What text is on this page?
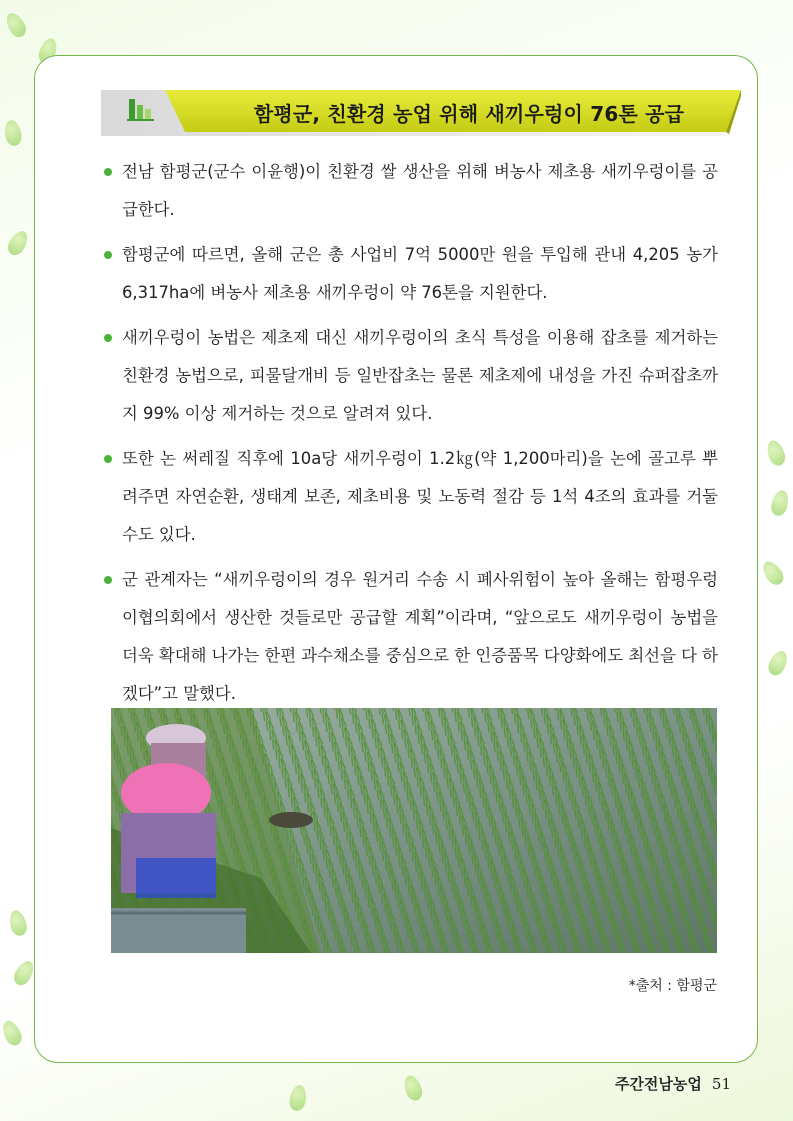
함평군, 친환경 농업 위해 새끼우렁이 76톤 공급
전남 함평군(군수 이윤행)이 친환경 쌀 생산을 위해 벼농사 제초용 새끼우렁이를 공급한다.
함평군에 따르면, 올해 군은 총 사업비 7억 5000만 원을 투입해 관내 4,205 농가 6,317ha에 벼농사 제초용 새끼우렁이 약 76톤을 지원한다.
새끼우렁이 농법은 제초제 대신 새끼우렁이의 초식 특성을 이용해 잡초를 제거하는 친환경 농법으로, 피물달개비 등 일반잡초는 물론 제초제에 내성을 가진 슈퍼잡초까지 99% 이상 제거하는 것으로 알려져 있다.
또한 논 써레질 직후에 10a당 새끼우렁이 1.2㎏(약 1,200마리)을 논에 골고루 뿌려주면 자연순환, 생태계 보존, 제초비용 및 노동력 절감 등 1석 4조의 효과를 거둘 수도 있다.
군 관계자는 “새끼우렁이의 경우 원거리 수송 시 폐사위험이 높아 올해는 함평우렁이협의회에서 생산한 것들로만 공급할 계획”이라며, “앞으로도 새끼우렁이 농법을 더욱 확대해 나가는 한편 과수채소를 중심으로 한 인증품목 다양화에도 최선을 다 하겠다”고 말했다.
*출처 : 함평군
주간전남농업 51
